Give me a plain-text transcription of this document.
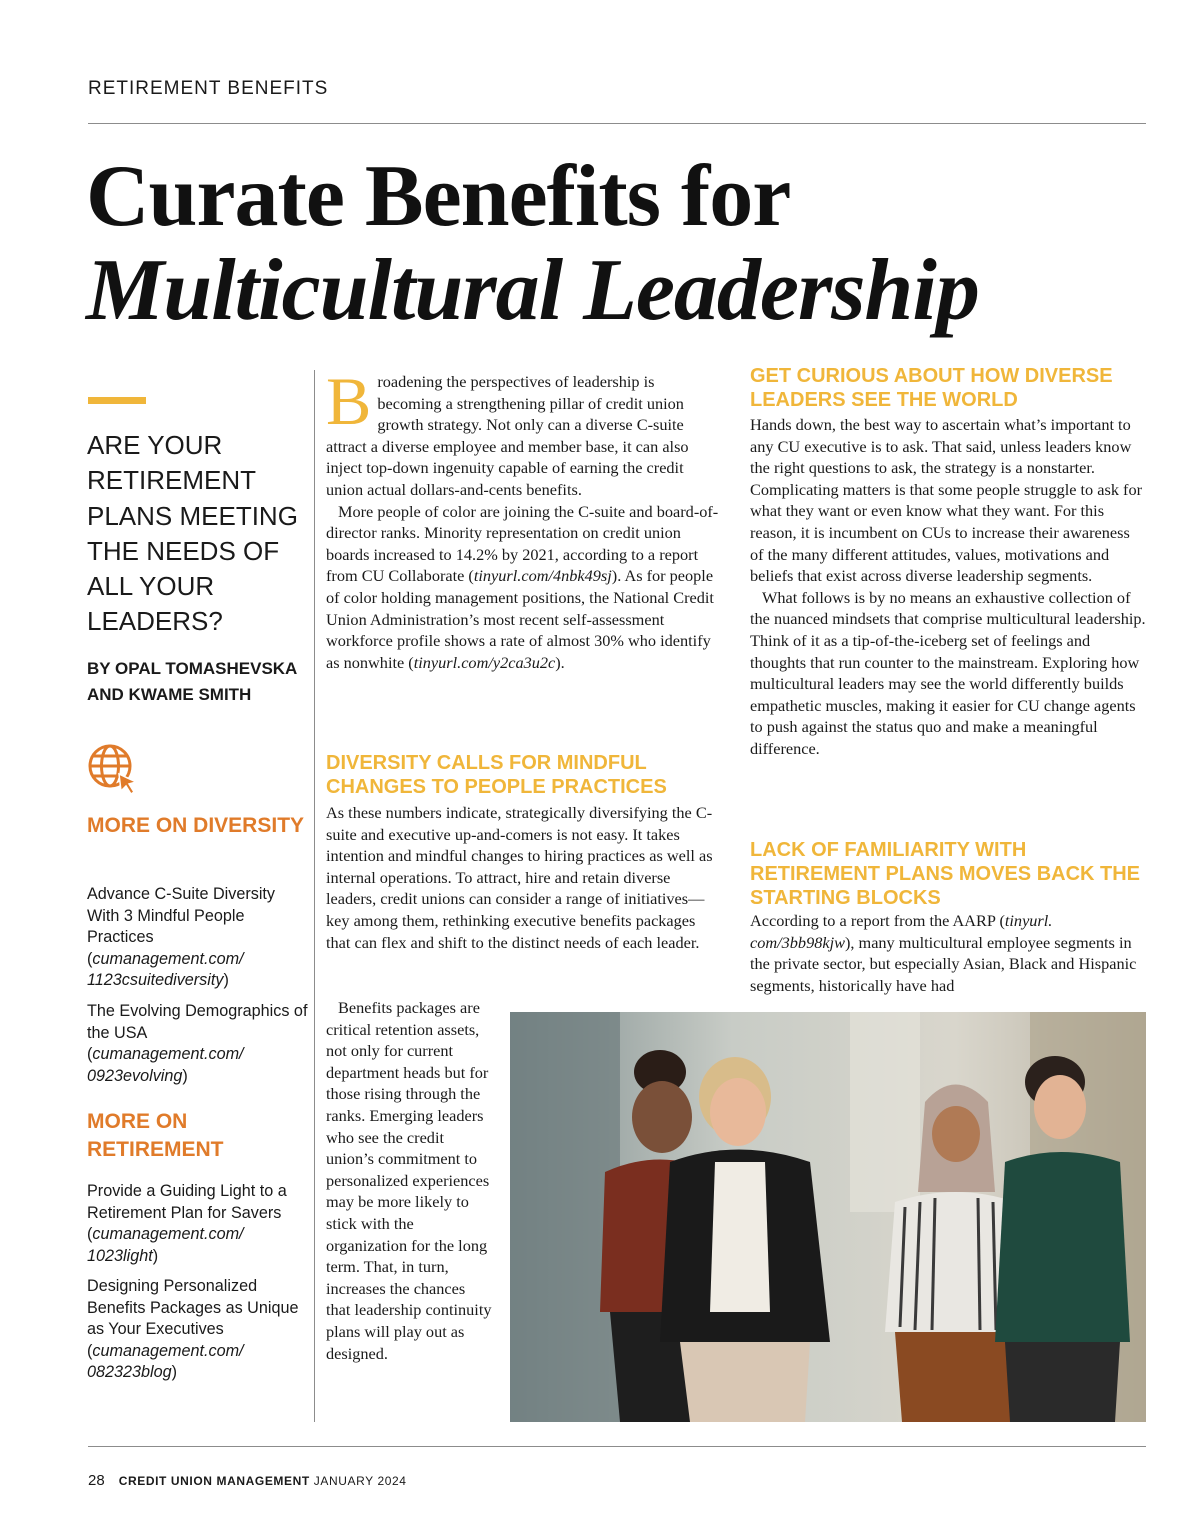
RETIREMENT BENEFITS
Curate Benefits for
Multicultural Leadership
ARE YOUR RETIREMENT PLANS MEETING THE NEEDS OF ALL YOUR LEADERS?
BY OPAL TOMASHEVSKA AND KWAME SMITH
MORE ON DIVERSITY
Advance C-Suite Diversity With 3 Mindful People Practices
(cumanagement.com/ 1123csuitediversity)
The Evolving Demographics of the USA
(cumanagement.com/ 0923evolving)
MORE ON RETIREMENT
Provide a Guiding Light to a Retirement Plan for Savers
(cumanagement.com/ 1023light)
Designing Personalized Benefits Packages as Unique as Your Executives
(cumanagement.com/ 082323blog)

Broadening the perspectives of leadership is becoming a strengthening pillar of credit union growth strategy. Not only can a diverse C-suite attract a diverse employee and member base, it can also inject top-down ingenuity capable of earning the credit union actual dollars-and-cents benefits.

More people of color are joining the C-suite and board-of-director ranks. Minority representation on credit union boards increased to 14.2% by 2021, according to a report from CU Collaborate (tinyurl.com/4nbk49sj). As for people of color holding management positions, the National Credit Union Administration’s most recent self-assessment workforce profile shows a rate of almost 30% who identify as nonwhite (tinyurl.com/y2ca3u2c).

DIVERSITY CALLS FOR MINDFUL CHANGES TO PEOPLE PRACTICES

As these numbers indicate, strategically diversifying the C-suite and executive up-and-comers is not easy. It takes intention and mindful changes to hiring practices as well as internal operations. To attract, hire and retain diverse leaders, credit unions can consider a range of initiatives—key among them, rethinking executive benefits packages that can flex and shift to the distinct needs of each leader.

Benefits packages are critical retention assets, not only for current department heads but for those rising through the ranks. Emerging leaders who see the credit union’s commitment to personalized experiences may be more likely to stick with the organization for the long term. That, in turn, increases the chances that leadership continuity plans will play out as designed.

GET CURIOUS ABOUT HOW DIVERSE LEADERS SEE THE WORLD

Hands down, the best way to ascertain what’s important to any CU executive is to ask. That said, unless leaders know the right questions to ask, the strategy is a nonstarter. Complicating matters is that some people struggle to ask for what they want or even know what they want. For this reason, it is incumbent on CUs to increase their awareness of the many different attitudes, values, motivations and beliefs that exist across diverse leadership segments.

What follows is by no means an exhaustive collection of the nuanced mindsets that comprise multicultural leadership. Think of it as a tip-of-the-iceberg set of feelings and thoughts that run counter to the mainstream. Exploring how multicultural leaders may see the world differently builds empathetic muscles, making it easier for CU change agents to push against the status quo and make a meaningful difference.

LACK OF FAMILIARITY WITH RETIREMENT PLANS MOVES BACK THE STARTING BLOCKS

According to a report from the AARP (tinyurl. com/3bb98kjw), many multicultural employee segments in the private sector, but especially Asian, Black and Hispanic segments, historically have had

28 CREDIT UNION MANAGEMENT JANUARY 2024
